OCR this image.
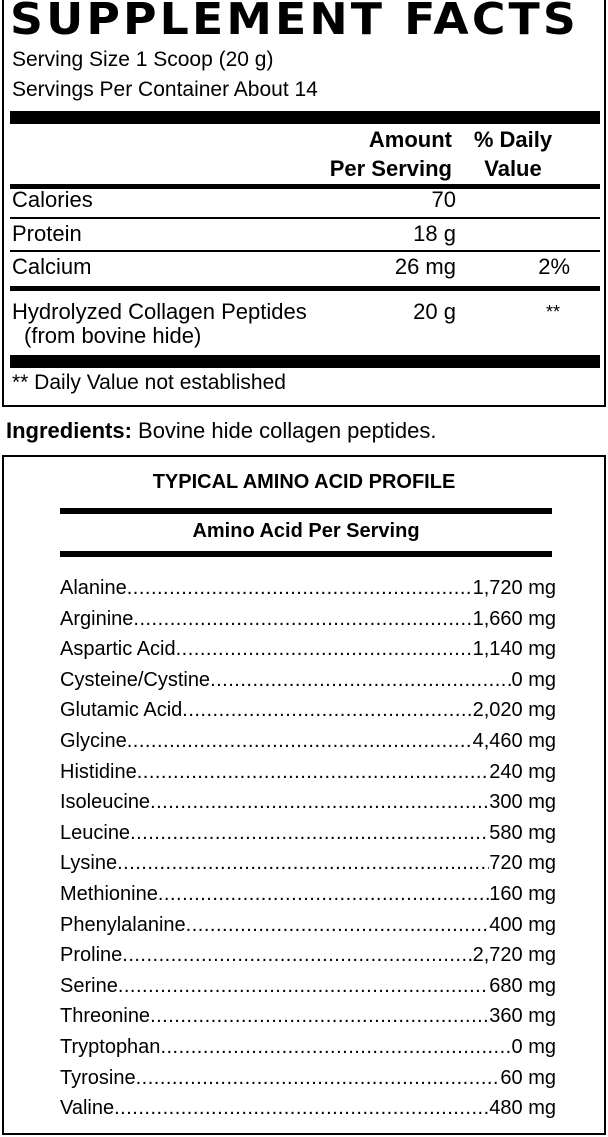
SUPPLEMENT FACTS
Serving Size 1 Scoop (20 g)
Servings Per Container About 14
Amount
Per Serving
% Daily
Value
Calories	70
Protein	18 g
Calcium	26 mg	2%
Hydrolyzed Collagen Peptides
(from bovine hide)
20 g	**
** Daily Value not established
Ingredients: Bovine hide collagen peptides.
TYPICAL AMINO ACID PROFILE
Amino Acid Per Serving
Alanine .....	1,720 mg
Arginine .....	1,660 mg
Aspartic Acid .....	1,140 mg
Cysteine/Cystine .....	0 mg
Glutamic Acid .....	2,020 mg
Glycine .....	4,460 mg
Histidine .....	240 mg
Isoleucine .....	300 mg
Leucine .....	580 mg
Lysine .....	720 mg
Methionine .....	160 mg
Phenylalanine .....	400 mg
Proline .....	2,720 mg
Serine .....	680 mg
Threonine .....	360 mg
Tryptophan .....	0 mg
Tyrosine .....	60 mg
Valine .....	480 mg
